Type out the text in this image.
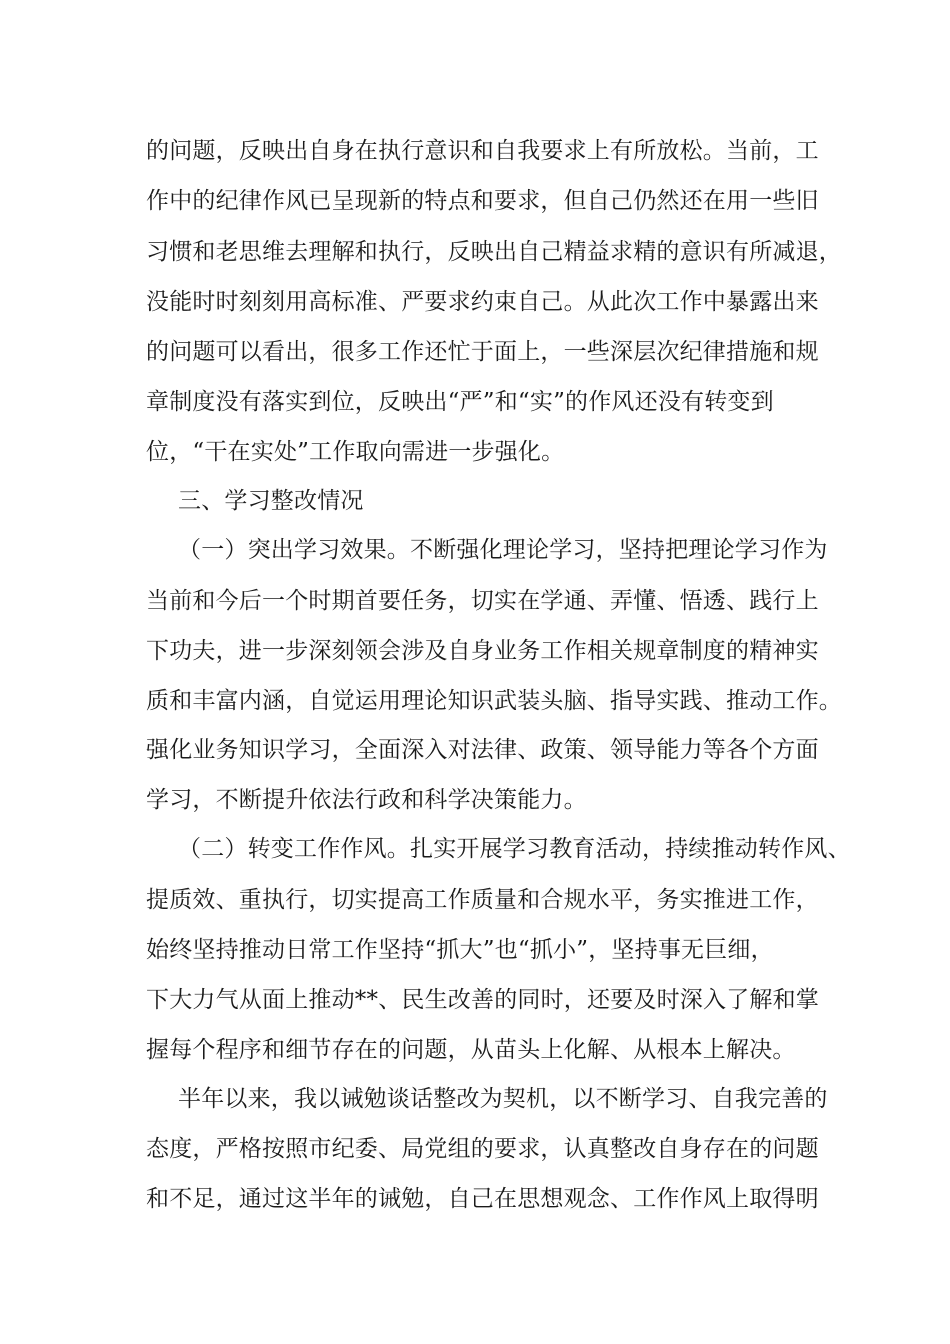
的问题，反映出自身在执行意识和自我要求上有所放松。当前，工
作中的纪律作风已呈现新的特点和要求，但自己仍然还在用一些旧
习惯和老思维去理解和执行，反映出自己精益求精的意识有所减退，
没能时时刻刻用高标准、严要求约束自己。从此次工作中暴露出来
的问题可以看出，很多工作还忙于面上，一些深层次纪律措施和规
章制度没有落实到位，反映出“严”和“实”的作风还没有转变到
位，“干在实处”工作取向需进一步强化。
三、学习整改情况
（一）突出学习效果。不断强化理论学习，坚持把理论学习作为
当前和今后一个时期首要任务，切实在学通、弄懂、悟透、践行上
下功夫，进一步深刻领会涉及自身业务工作相关规章制度的精神实
质和丰富内涵，自觉运用理论知识武装头脑、指导实践、推动工作。
强化业务知识学习，全面深入对法律、政策、领导能力等各个方面
学习，不断提升依法行政和科学决策能力。
（二）转变工作作风。扎实开展学习教育活动，持续推动转作风、
提质效、重执行，切实提高工作质量和合规水平，务实推进工作，
始终坚持推动日常工作坚持“抓大”也“抓小”，坚持事无巨细，
下大力气从面上推动**、民生改善的同时，还要及时深入了解和掌
握每个程序和细节存在的问题，从苗头上化解、从根本上解决。
半年以来，我以诫勉谈话整改为契机，以不断学习、自我完善的
态度，严格按照市纪委、局党组的要求，认真整改自身存在的问题
和不足，通过这半年的诫勉，自己在思想观念、工作作风上取得明
